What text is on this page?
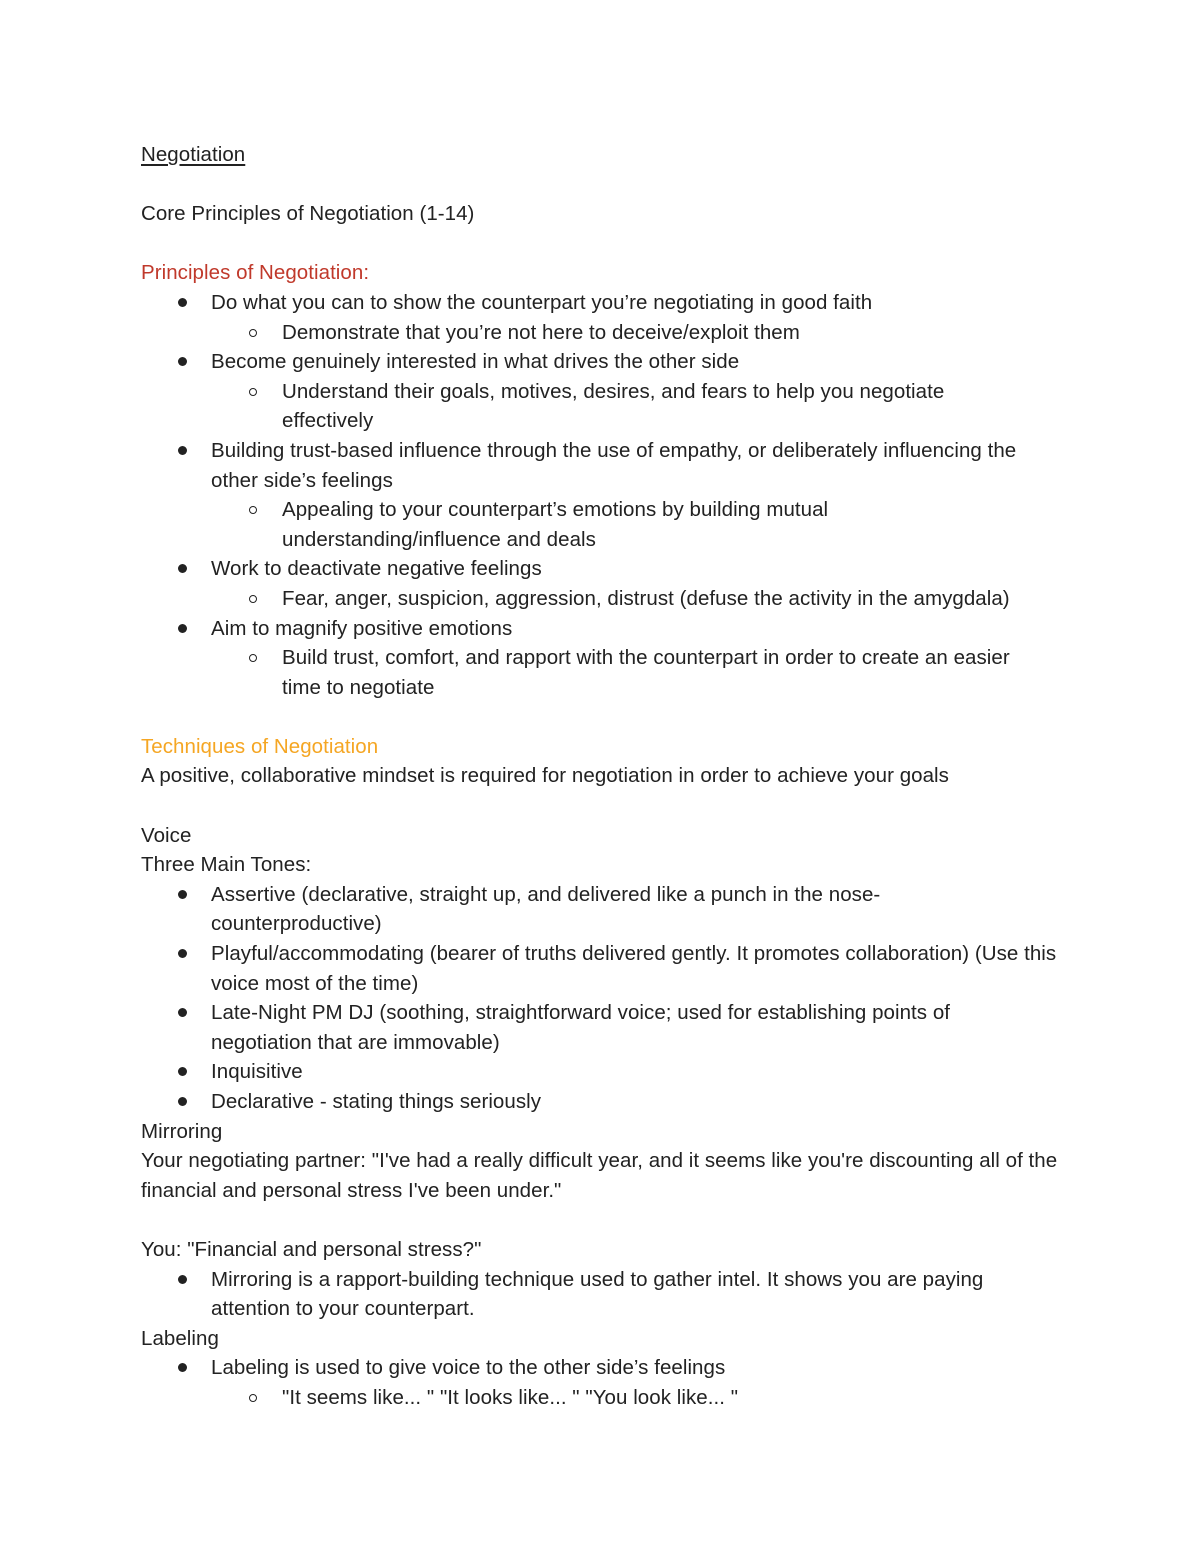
Negotiation

Core Principles of Negotiation (1-14)

Principles of Negotiation:

Do what you can to show the counterpart you’re negotiating in good faith
Demonstrate that you’re not here to deceive/exploit them
Become genuinely interested in what drives the other side
Understand their goals, motives, desires, and fears to help you negotiate effectively
Building trust-based influence through the use of empathy, or deliberately influencing the other side’s feelings
Appealing to your counterpart’s emotions by building mutual understanding/influence and deals
Work to deactivate negative feelings
Fear, anger, suspicion, aggression, distrust (defuse the activity in the amygdala)
Aim to magnify positive emotions
Build trust, comfort, and rapport with the counterpart in order to create an easier time to negotiate

Techniques of Negotiation

A positive, collaborative mindset is required for negotiation in order to achieve your goals

Voice

Three Main Tones:

Assertive (declarative, straight up, and delivered like a punch in the nose- counterproductive)
Playful/accommodating (bearer of truths delivered gently. It promotes collaboration) (Use this voice most of the time)
Late-Night PM DJ (soothing, straightforward voice; used for establishing points of negotiation that are immovable)
Inquisitive
Declarative - stating things seriously

Mirroring

Your negotiating partner: "I've had a really difficult year, and it seems like you're discounting all of the financial and personal stress I've been under."

You: "Financial and personal stress?"

Mirroring is a rapport-building technique used to gather intel. It shows you are paying attention to your counterpart.

Labeling

Labeling is used to give voice to the other side’s feelings
"It seems like... " "It looks like... " "You look like... "
